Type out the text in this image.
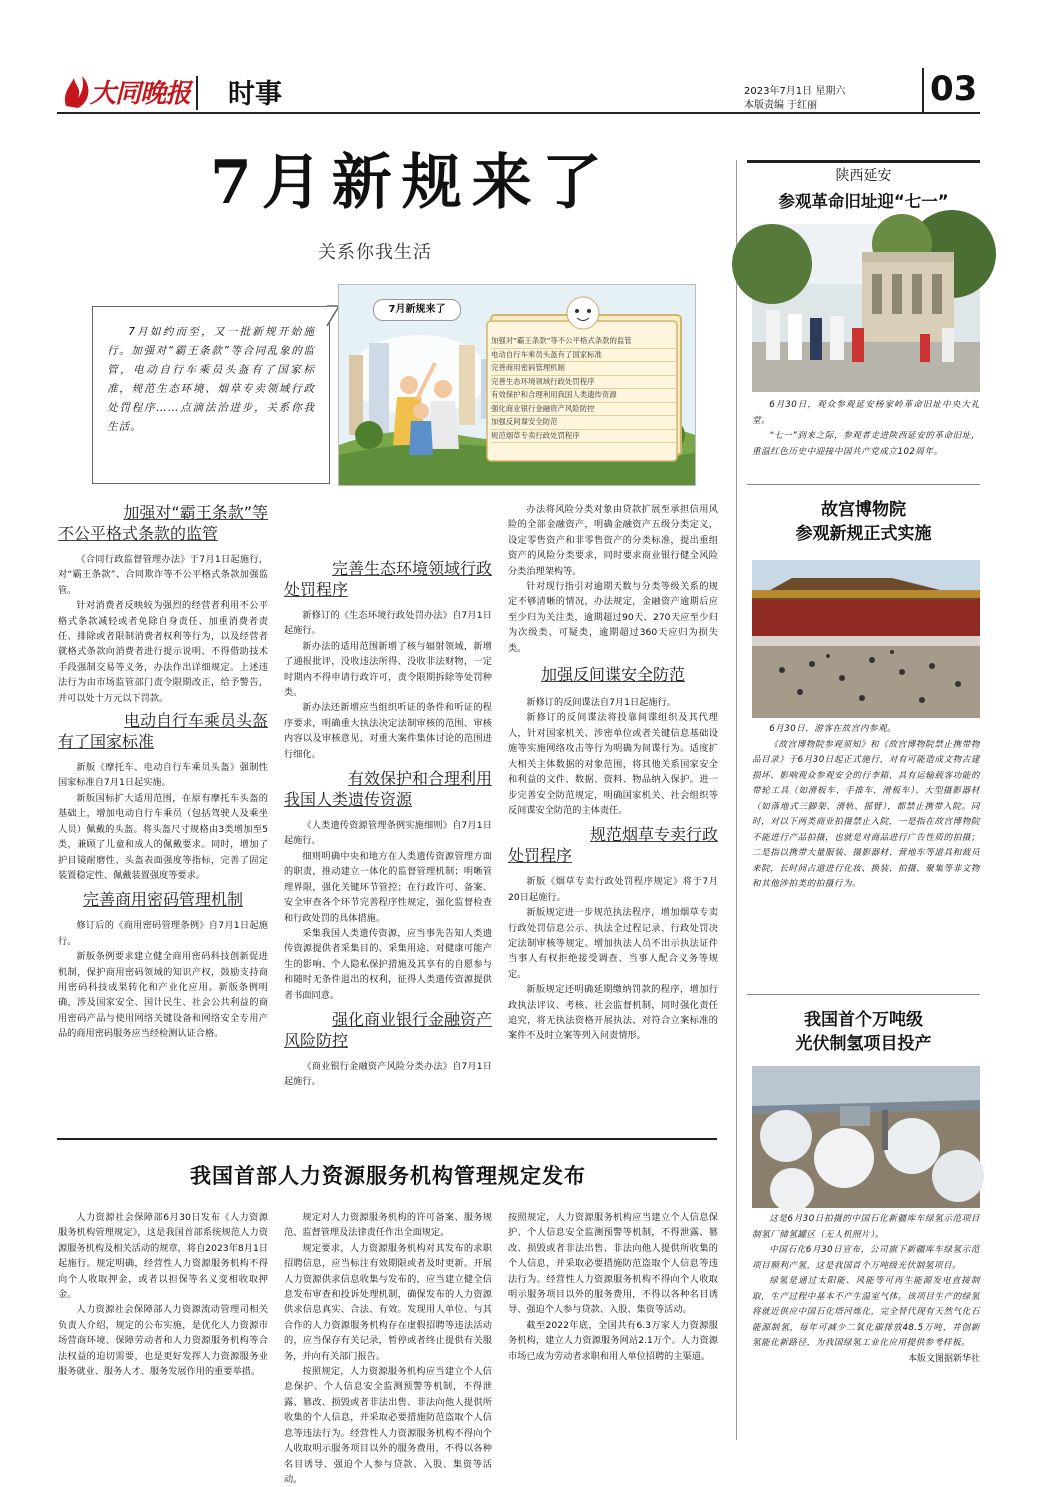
大同晚报 时事	2023年7月1日 星期六
本版责编 于红丽	03
7月新规来了
关系你我生活

7月如约而至，又一批新规开始施行。加强对“霸王条款”等合同乱象的监管，电动自行车乘员头盔有了国家标准，规范生态环境、烟草专卖领域行政处罚程序……点滴法治进步，关系你我生活。

7月新规来了
加强对“霸王条款”等不公平格式条款的监管
电动自行车乘员头盔有了国家标准
完善商用密码管理机制
完善生态环境领域行政处罚程序
有效保护和合理利用我国人类遗传资源
强化商业银行金融资产风险防控
加强反间谍安全防范
规范烟草专卖行政处罚程序
加强对“霸王条款”等
不公平格式条款的监管

《合同行政监督管理办法》于7月1日起施行，对“霸王条款”、合同欺诈等不公平格式条款加强监管。

针对消费者反映较为强烈的经营者利用不公平格式条款减轻或者免除自身责任、加重消费者责任、排除或者限制消费者权利等行为，以及经营者就格式条款向消费者进行提示说明、不得借助技术手段强制交易等义务，办法作出详细规定。上述违法行为由市场监管部门责令限期改正，给予警告，并可以处十万元以下罚款。

电动自行车乘员头盔
有了国家标准

新版《摩托车、电动自行车乘员头盔》强制性国家标准自7月1日起实施。

新版国标扩大适用范围，在原有摩托车头盔的基础上，增加电动自行车乘员（包括驾驶人及乘坐人员）佩戴的头盔。将头盔尺寸规格由3类增加至5类，兼顾了儿童和成人的佩戴要求。同时，增加了护目镜耐磨性、头盔表面强度等指标，完善了固定装置稳定性、佩戴装置强度等要求。

完善商用密码管理机制

修订后的《商用密码管理条例》自7月1日起施行。

新版条例要求建立健全商用密码科技创新促进机制，保护商用密码领域的知识产权，鼓励支持商用密码科技成果转化和产业化应用。新版条例明确，涉及国家安全、国计民生、社会公共利益的商用密码产品与使用网络关键设备和网络安全专用产品的商用密码服务应当经检测认证合格。

完善生态环境领域行政
处罚程序

新修订的《生态环境行政处罚办法》自7月1日起施行。

新办法的适用范围新增了核与辐射领域，新增了通报批评，没收违法所得、没收非法财物，一定时期内不得申请行政许可，责令限期拆除等处罚种类。

新办法还新增应当组织听证的条件和听证的程序要求，明确重大执法决定法制审核的范围、审核内容以及审核意见，对重大案件集体讨论的范围进行细化。

有效保护和合理利用
我国人类遗传资源

《人类遗传资源管理条例实施细则》自7月1日起施行。

细则明确中央和地方在人类遗传资源管理方面的职责，推动建立一体化的监督管理机制；明晰管理界限，强化关键环节管控；在行政许可、备案、安全审查各个环节完善程序性规定，强化监督检查和行政处罚的具体措施。

采集我国人类遗传资源，应当事先告知人类遗传资源提供者采集目的、采集用途、对健康可能产生的影响、个人隐私保护措施及其享有的自愿参与和随时无条件退出的权利，征得人类遗传资源提供者书面同意。

强化商业银行金融资产
风险防控

《商业银行金融资产风险分类办法》自7月1日起施行。

办法将风险分类对象由贷款扩展至承担信用风险的全部金融资产，明确金融资产五级分类定义，设定零售资产和非零售资产的分类标准，提出重组资产的风险分类要求，同时要求商业银行健全风险分类治理架构等。

针对现行指引对逾期天数与分类等级关系的规定不够清晰的情况，办法规定，金融资产逾期后应至少归为关注类，逾期超过90天、270天应至少归为次级类、可疑类，逾期超过360天应归为损失类。

加强反间谍安全防范

新修订的反间谍法自7月1日起施行。

新修订的反间谍法将投靠间谍组织及其代理人，针对国家机关、涉密单位或者关键信息基础设施等实施网络攻击等行为明确为间谍行为。适度扩大相关主体数据的对象范围，将其他关系国家安全和利益的文件、数据、资料、物品纳入保护。进一步完善安全防范规定，明确国家机关、社会组织等反间谍安全防范的主体责任。

规范烟草专卖行政
处罚程序

新版《烟草专卖行政处罚程序规定》将于7月20日起施行。

新版规定进一步规范执法程序，增加烟草专卖行政处罚信息公示、执法全过程记录、行政处罚决定法制审核等规定。增加执法人员不出示执法证件当事人有权拒绝接受调查、当事人配合义务等规定。

新版规定还明确延期缴纳罚款的程序，增加行政执法评议、考核、社会监督机制，同时强化责任追究，将无执法资格开展执法、对符合立案标准的案件不及时立案等列入问责情形。

我国首部人力资源服务机构管理规定发布

人力资源社会保障部6月30日发布《人力资源服务机构管理规定》，这是我国首部系统规范人力资源服务机构及相关活动的规章，将自2023年8月1日起施行。规定明确，经营性人力资源服务机构不得向个人收取押金，或者以担保等名义变相收取押金。

人力资源社会保障部人力资源流动管理司相关负责人介绍，规定的公布实施，是优化人力资源市场营商环境、保障劳动者和人力资源服务机构等合法权益的迫切需要，也是更好发挥人力资源服务业服务就业、服务人才、服务发展作用的重要举措。

规定对人力资源服务机构的许可备案、服务规范、监督管理及法律责任作出全面规定。

规定要求，人力资源服务机构对其发布的求职招聘信息，应当标注有效期限或者及时更新。开展人力资源供求信息收集与发布的，应当建立健全信息发布审查和投诉处理机制，确保发布的人力资源供求信息真实、合法、有效。发现用人单位、与其合作的人力资源服务机构存在虚假招聘等违法活动的，应当保存有关记录，暂停或者终止提供有关服务，并向有关部门报告。

按照规定，人力资源服务机构应当建立个人信息保护、个人信息安全监测预警等机制，不得泄露、篡改、损毁或者非法出售、非法向他人提供所收集的个人信息，并采取必要措施防范盗取个人信息等违法行为。经营性人力资源服务机构不得向个人收取明示服务项目以外的服务费用，不得以各种名目诱导、强迫个人参与贷款、入股、集资等活动。

按照规定，人力资源服务机构应当建立个人信息保护、个人信息安全监测预警等机制，不得泄露、篡改、损毁或者非法出售、非法向他人提供所收集的个人信息，并采取必要措施防范盗取个人信息等违法行为。经营性人力资源服务机构不得向个人收取明示服务项目以外的服务费用，不得以各种名目诱导、强迫个人参与贷款、入股、集资等活动。

截至2022年底，全国共有6.3万家人力资源服务机构，建立人力资源服务网站2.1万个。人力资源市场已成为劳动者求职和用人单位招聘的主渠道。

陕西延安
参观革命旧址迎“七一”

6月30日，观众参观延安杨家岭革命旧址中央大礼堂。

“七一”到来之际，参观者走进陕西延安的革命旧址，重温红色历史中迎接中国共产党成立102周年。

故宫博物院
参观新规正式实施

6月30日，游客在故宫内参观。

《故宫博物院参观须知》和《故宫博物院禁止携带物品目录》于6月30日起正式施行，对有可能造成文物古建损坏、影响观众参观安全的行李箱、具有运输载客功能的带轮工具（如滑板车、手推车、滑板车）、大型摄影器材（如落地式三脚架、滑轨、摇臂），都禁止携带入院。同时，对以下两类商业拍摄禁止入院，一是指在故宫博物院不能进行产品拍摄，也就是对商品进行广告性质的拍摄；二是指以携带大量服装、摄影器材、营地车等道具和裁员来院，长时间占道进行化妆、换装、拍摄、聚集等非文物和其他涉拍类的拍摄行为。

我国首个万吨级
光伏制氢项目投产

这是6月30日拍摄的中国石化新疆库车绿氢示范项目制氢厂储氢罐区（无人机照片）。

中国石化6月30日宣布，公司旗下新疆库车绿氢示范项目顺利产氢，这是我国首个万吨级光伏制氢项目。

绿氢是通过太阳能、风能等可再生能源发电直接制取，生产过程中基本不产生温室气体。该项目生产的绿氢将就近供应中国石化塔河炼化，完全替代现有天然气化石能源制氢，每年可减少二氧化碳排放48.5万吨，并创新氢能化新路径，为我国绿氢工业化应用提供参考样板。

本版文图据新华社
